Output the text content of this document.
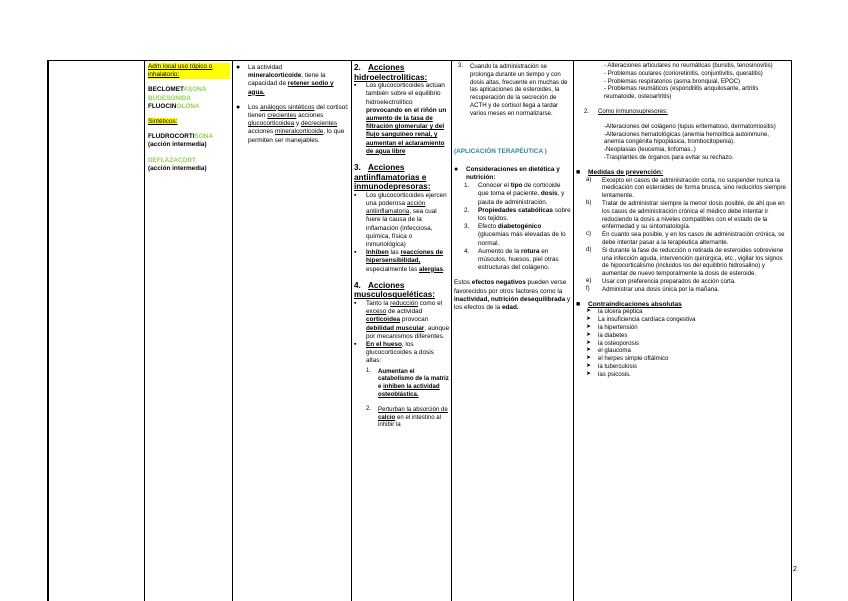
Adm local uso tópico o inhalatorio:
BECLOMETASONA
BUDESONIDA
FLUOCINOLONA
Sintéticos:
FLUDROCORTISONA
(acción intermedia)
DEFLAZACORT
(acción intermedia)
● La actividad
mineralcorticoide, tiene la capacidad de retener sodio y agua.
● Los análogos sintéticos del cortisol: tienen crecientes acciones glucocorticoidea y decrecientes acciones mineralcorticoide, lo que permiten ser manejables.
2. Acciones hidroelectrolíticas:
▪ Los glucocorticoides actúan también sobre el equilibrio hidroelectrolítico provocando en el riñón un aumento de la tasa de filtración glomerular y del flujo sanguíneo renal, y aumentan el aclaramiento de agua libre
3. Acciones antiinflamatorias e inmunodepresoras:
▪ Los glucocorticoides ejercen una poderosa acción antiinflamatoria, sea cual fuere la causa de la inflamación (infecciosa, química, física o inmunológica)
▪ Inhiben las reacciones de hipersensibilidad, especialmente las alergias.
4. Acciones musculosqueléticas:
▪ Tanto la reducción como el exceso de actividad corticoidea provocan debilidad muscular, aunque por mecanismos diferentes.
▪ En el hueso, los glucocorticoides a dosis altas:
1. Aumentan el catabolismo de la matriz e inhiben la actividad osteoblástica.
2. Perturban la absorción de calcio en el intestino al inhibir la
3. Cuando la administración se prolonga durante un tiempo y con dosis altas, frecuente en muchas de las aplicaciones de esteroides, la recuperación de la secreción de ACTH y de cortisol llega a tardar varios meses en normalizarse.
(APLICACIÓN TERAPÉUTICA )
● Consideraciones en dietética y nutrición:
1. Conocer el tipo de corticoide que toma el paciente, dosis, y pauta de administración.
2. Propiedades catabólicas sobre los tejidos.
3. Efecto diabetogénico (glucemias más elevadas de lo normal.
4. Aumento de la rotura en músculos, huesos, piel otras estructuras del colágeno.
Estos efectos negativos pueden verse favorecidos por otros factores como la inactividad, nutrición desequilibrada y los efectos de la edad.
- Alteraciones articulares no reumáticas (bursitis, tenosinovitis)
- Problemas oculares (corioretinitis, conjuntivitis, queratitis)
- Problemas respiratorios (asma bronquial, EPOC)
- Problemas reumáticos (espondilitis anquilosante, artritis reumatoide, osteoartritis)
2. Como inmunosupresores:
-Alteraciones del colágeno (lupus eritematoso, dermatomiositis)
-Alteraciones hematológicas (anemia hemolítica autoinmune, anemia congénita hipoplásica, trombocitopenia).
-Neoplasias (leucemia, linfomas..)
-Trasplantes de órganos para evitar su rechazo.
■ Medidas de prevención:
a) Excepto en casos de administración corta, no suspender nunca la medicación con esteroides de forma brusca, sino reducirlos siempre lentamente.
b) Tratar de administrar siempre la menor dosis posible, de ahí que en los casos de administración crónica el médico debe intentar ir reduciendo la dosis a niveles compatibles con el estado de la enfermedad y su sintomatología.
c) En cuanto sea posible, y en los casos de administración crónica, se debe intentar pasar a la terapéutica alternante.
d) Si durante la fase de reducción o retirada de esteroides sobreviene una infección aguda, intervención quirúrgica, etc., vigilar los signos de hipocorticalismo (incluidos los del equilibrio hidrosalino) y aumentar de nuevo temporalmente la dosis de esteroide.
e) Usar con preferencia preparados de acción corta.
f) Administrar una dosis única por la mañana.
■ Contraindicaciones absolutas
➤ la úlcera péptica
➤ La insuficiencia cardíaca congestiva
➤ la hipertensión
➤ la diabetes
➤ la osteoporosis
➤ el glaucoma
➤ el herpes simple oftálmico
➤ la tuberculosis
➤ las psicosis.
2
